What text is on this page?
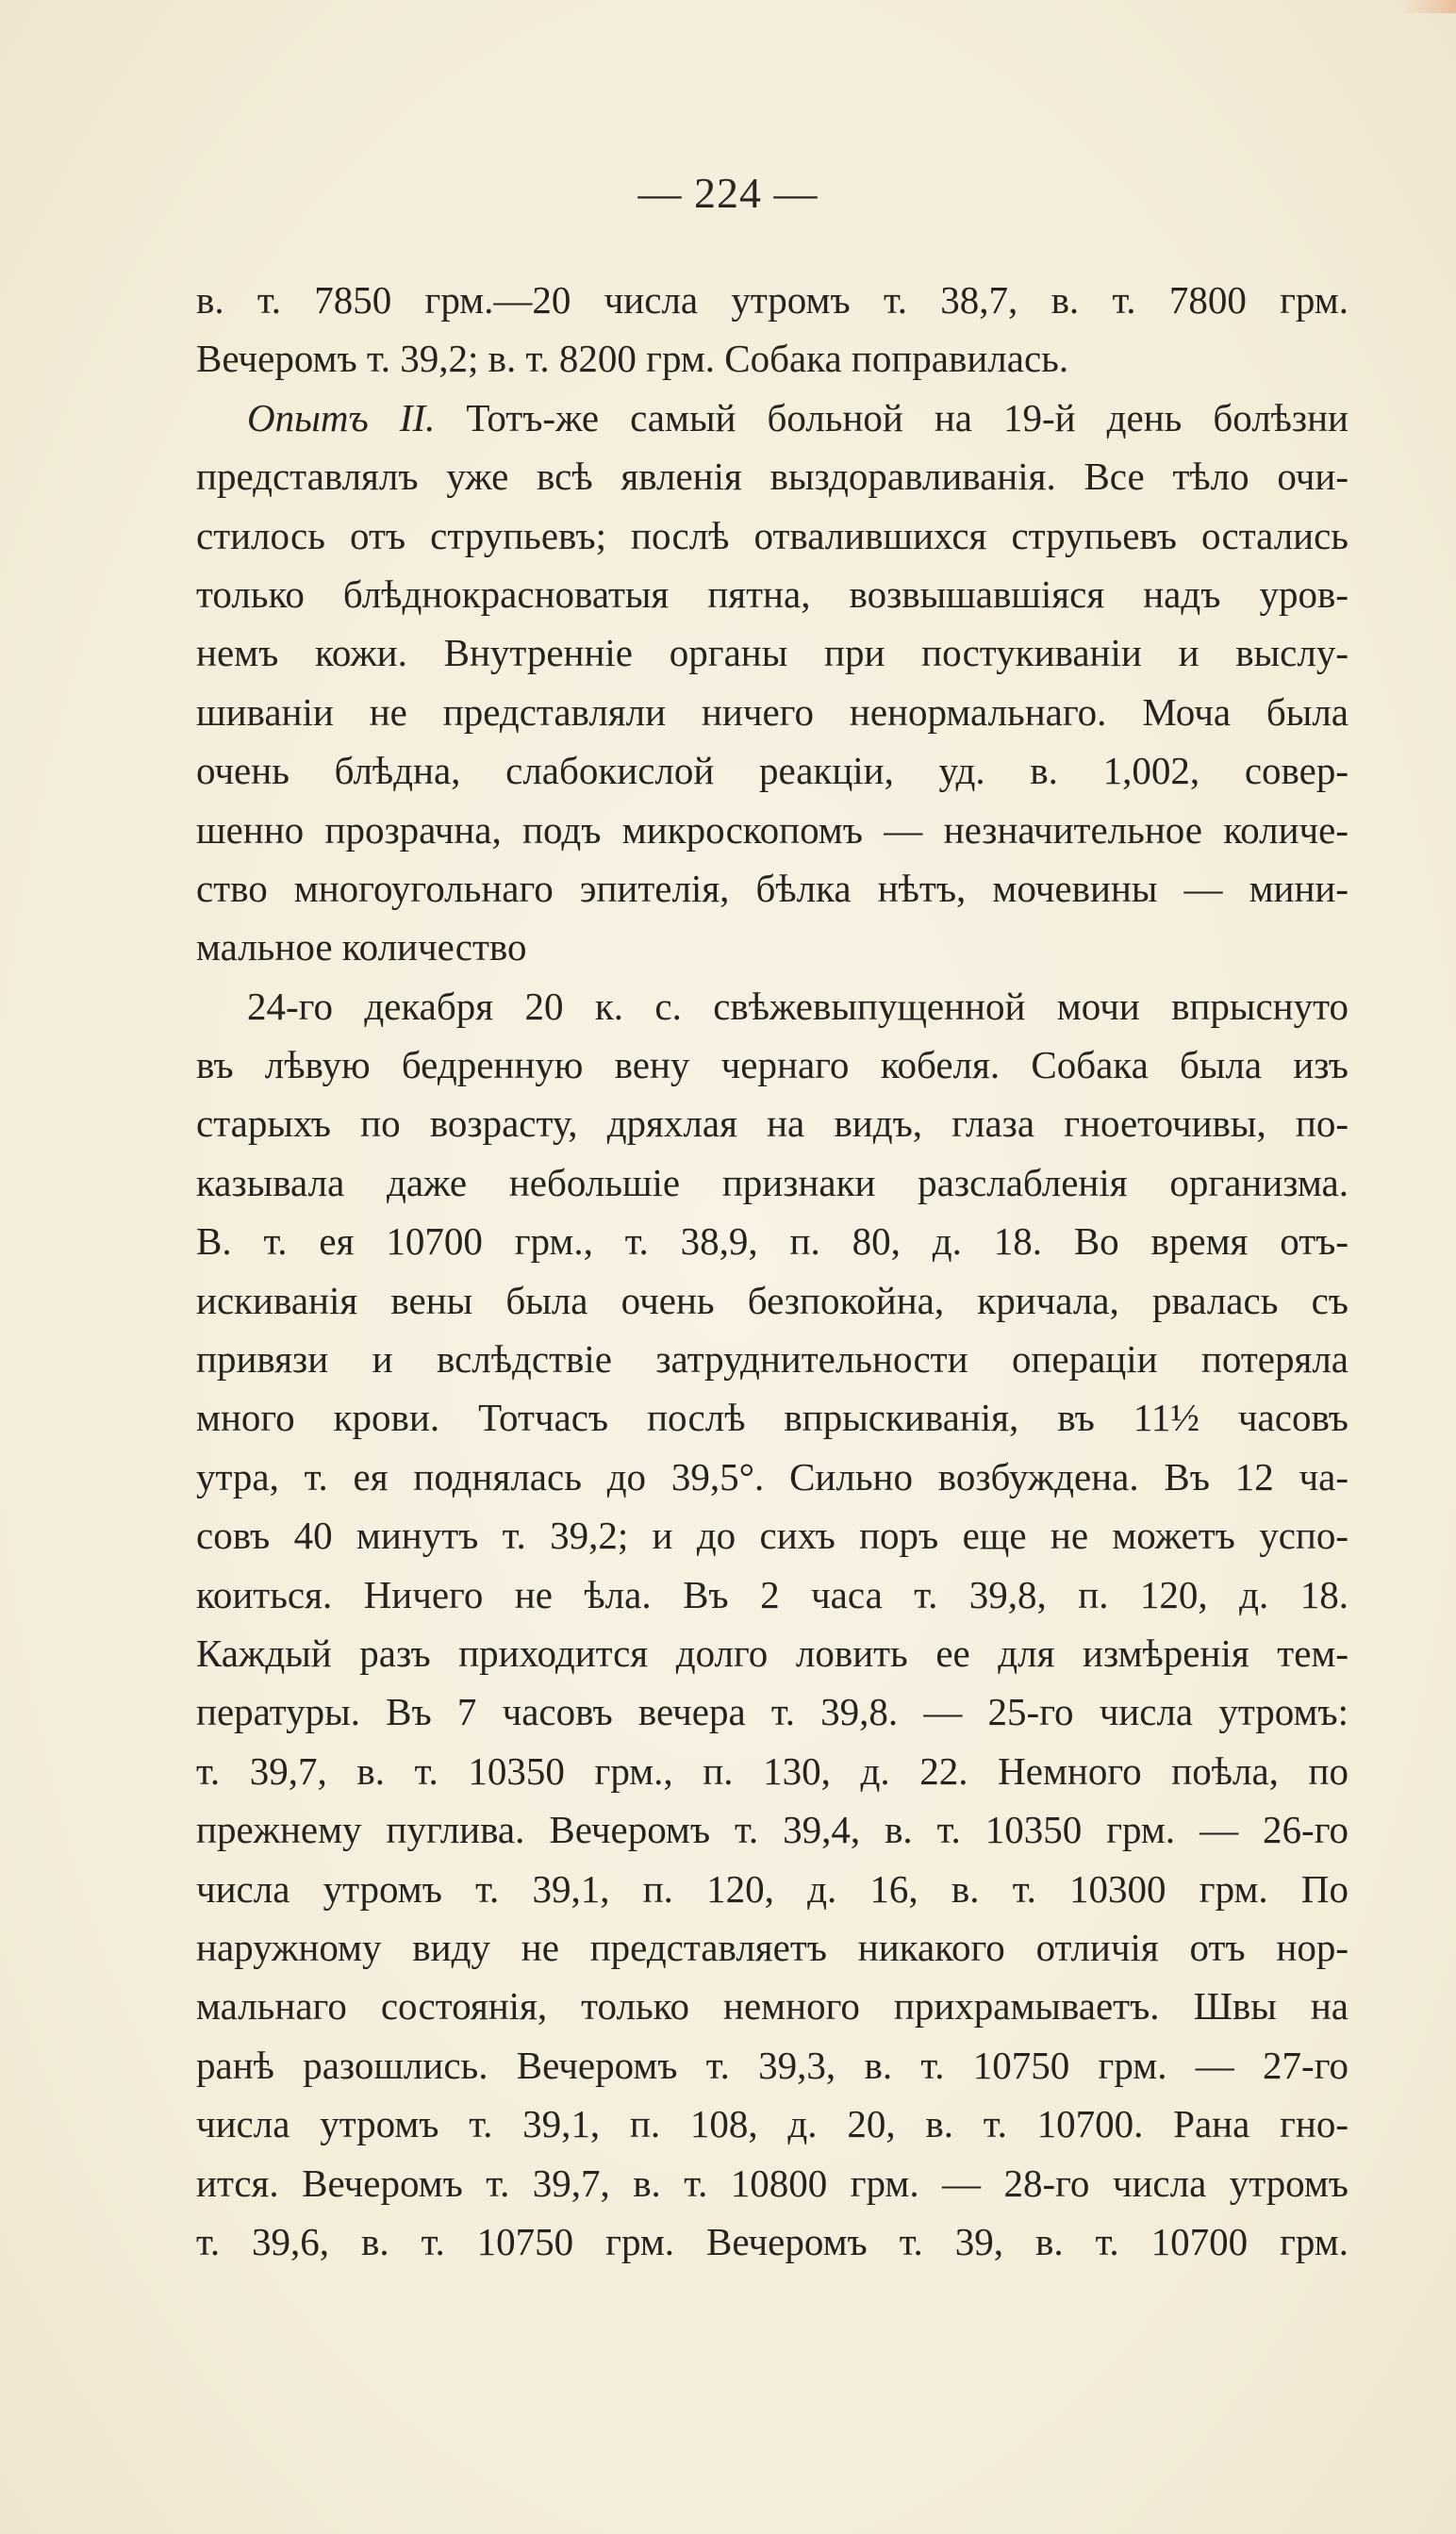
— 224 —
в. т. 7850 грм.—20 числа утромъ т. 38,7, в. т. 7800 грм.
Вечеромъ т. 39,2; в. т. 8200 грм. Собака поправилась.
Опытъ II. Тотъ-же самый больной на 19-й день болѣзни
представлялъ уже всѣ явленія выздоравливанія. Все тѣло очи-
стилось отъ струпьевъ; послѣ отвалившихся струпьевъ остались
только блѣднокрасноватыя пятна, возвышавшіяся надъ уров-
немъ кожи. Внутренніе органы при постукиваніи и выслу-
шиваніи не представляли ничего ненормальнаго. Моча была
очень блѣдна, слабокислой реакціи, уд. в. 1,002, совер-
шенно прозрачна, подъ микроскопомъ — незначительное количе-
ство многоугольнаго эпителія, бѣлка нѣтъ, мочевины — мини-
мальное количество
24-го декабря 20 к. с. свѣжевыпущенной мочи впрыснуто
въ лѣвую бедренную вену чернаго кобеля. Собака была изъ
старыхъ по возрасту, дряхлая на видъ, глаза гноеточивы, по-
казывала даже небольшіе признаки разслабленія организма.
В. т. ея 10700 грм., т. 38,9, п. 80, д. 18. Во время отъ-
искиванія вены была очень безпокойна, кричала, рвалась съ
привязи и вслѣдствіе затруднительности операціи потеряла
много крови. Тотчасъ послѣ впрыскиванія, въ 11½ часовъ
утра, т. ея поднялась до 39,5°. Сильно возбуждена. Въ 12 ча-
совъ 40 минутъ т. 39,2; и до сихъ поръ еще не можетъ успо-
коиться. Ничего не ѣла. Въ 2 часа т. 39,8, п. 120, д. 18.
Каждый разъ приходится долго ловить ее для измѣренія тем-
пературы. Въ 7 часовъ вечера т. 39,8. — 25-го числа утромъ:
т. 39,7, в. т. 10350 грм., п. 130, д. 22. Немного поѣла, по
прежнему пуглива. Вечеромъ т. 39,4, в. т. 10350 грм. — 26-го
числа утромъ т. 39,1, п. 120, д. 16, в. т. 10300 грм. По
наружному виду не представляетъ никакого отличія отъ нор-
мальнаго состоянія, только немного прихрамываетъ. Швы на
ранѣ разошлись. Вечеромъ т. 39,3, в. т. 10750 грм. — 27-го
числа утромъ т. 39,1, п. 108, д. 20, в. т. 10700. Рана гно-
ится. Вечеромъ т. 39,7, в. т. 10800 грм. — 28-го числа утромъ
т. 39,6, в. т. 10750 грм. Вечеромъ т. 39, в. т. 10700 грм.
